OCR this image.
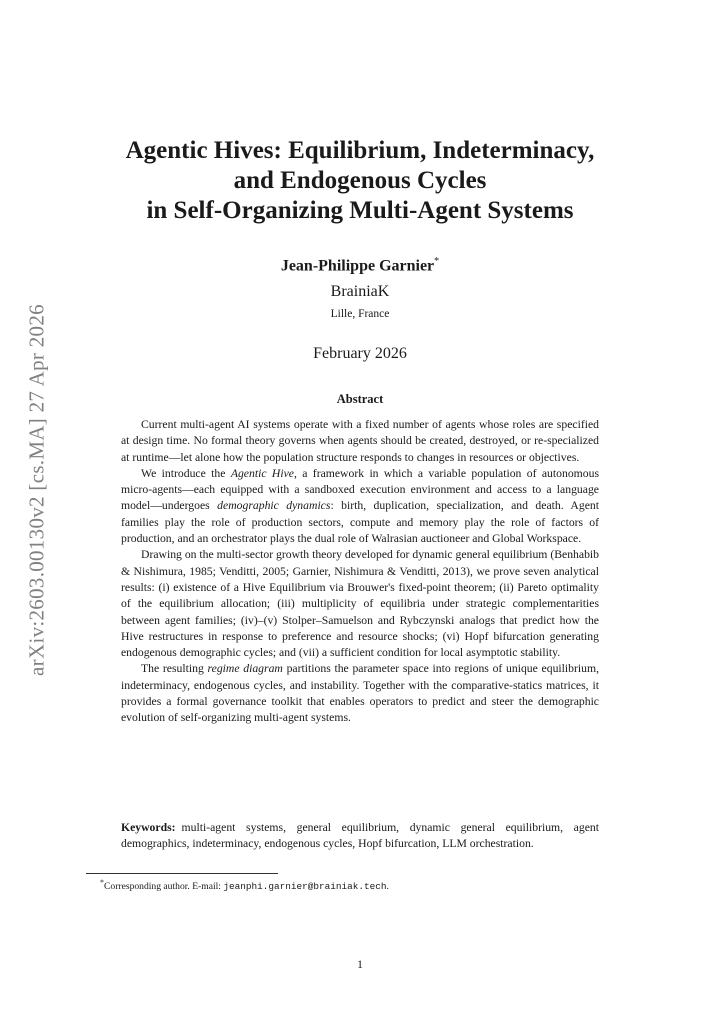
arXiv:2603.00130v2 [cs.MA] 27 Apr 2026
Agentic Hives: Equilibrium, Indeterminacy,
and Endogenous Cycles
in Self-Organizing Multi-Agent Systems
Jean-Philippe Garnier*
BrainiaK
Lille, France
February 2026
Abstract

Current multi-agent AI systems operate with a fixed number of agents whose roles are specified at design time. No formal theory governs when agents should be created, destroyed, or re-specialized at runtime—let alone how the population structure responds to changes in resources or objectives.

We introduce the Agentic Hive, a framework in which a variable population of autonomous micro-agents—each equipped with a sandboxed execution environment and access to a language model—undergoes demographic dynamics: birth, duplication, specialization, and death. Agent families play the role of production sectors, compute and memory play the role of factors of production, and an orchestrator plays the dual role of Walrasian auctioneer and Global Workspace.

Drawing on the multi-sector growth theory developed for dynamic general equilibrium (Benhabib & Nishimura, 1985; Venditti, 2005; Garnier, Nishimura & Venditti, 2013), we prove seven analytical results: (i) existence of a Hive Equilibrium via Brouwer's fixed-point theorem; (ii) Pareto optimality of the equilibrium allocation; (iii) multiplicity of equilibria under strategic complementarities between agent families; (iv)–(v) Stolper–Samuelson and Rybczynski analogs that predict how the Hive restructures in response to preference and resource shocks; (vi) Hopf bifurcation generating endogenous demographic cycles; and (vii) a sufficient condition for local asymptotic stability.

The resulting regime diagram partitions the parameter space into regions of unique equilibrium, indeterminacy, endogenous cycles, and instability. Together with the comparative-statics matrices, it provides a formal governance toolkit that enables operators to predict and steer the demographic evolution of self-organizing multi-agent systems.

Keywords: multi-agent systems, general equilibrium, dynamic general equilibrium, agent demographics, indeterminacy, endogenous cycles, Hopf bifurcation, LLM orchestration.
*Corresponding author. E-mail: jeanphi.garnier@brainiak.tech.
1
